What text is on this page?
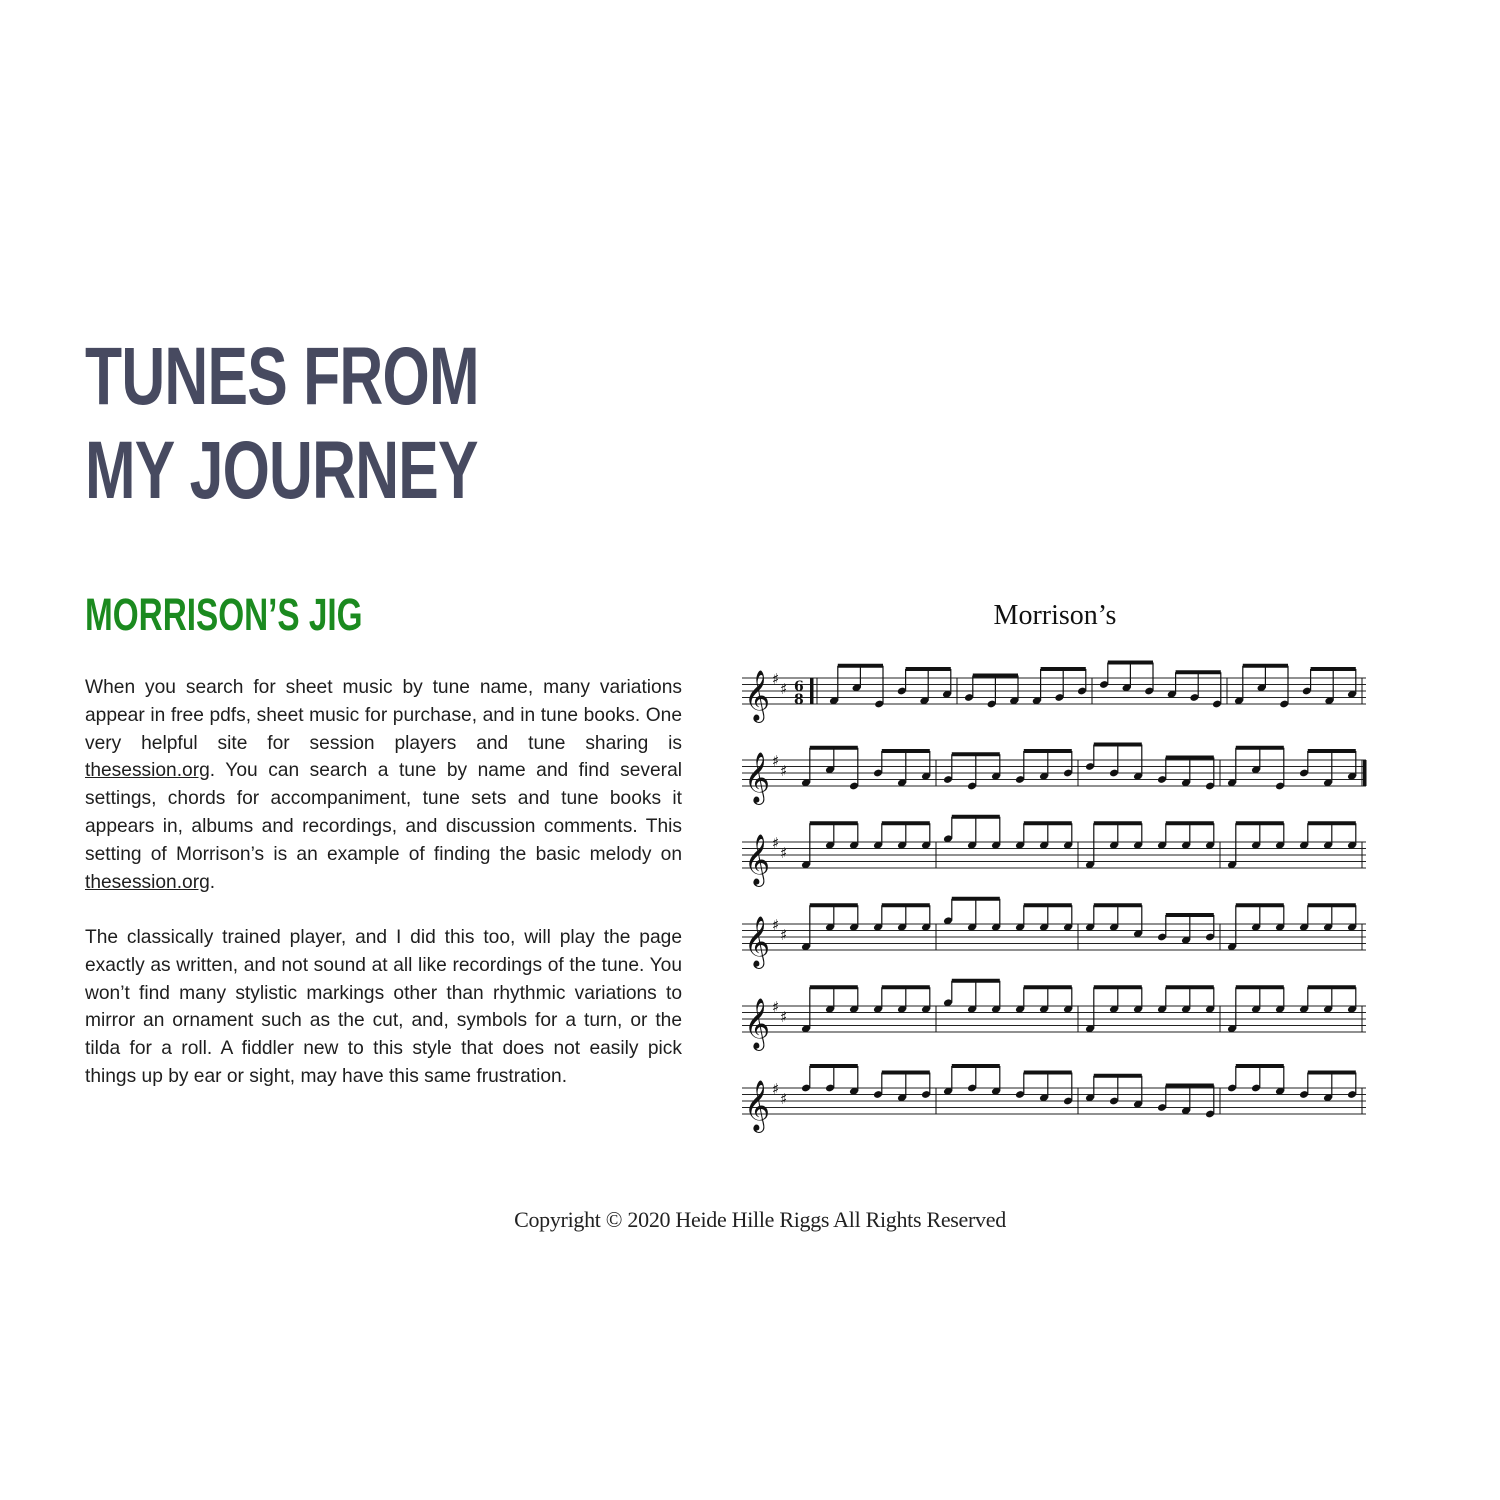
TUNES FROM MY JOURNEY
MORRISON’S JIG

When you search for sheet music by tune name, many variations appear in free pdfs, sheet music for purchase, and in tune books. One very helpful site for session players and tune sharing is thesession.org. You can search a tune by name and find several settings, chords for accompaniment, tune sets and tune books it appears in, albums and recordings, and discussion comments. This setting of Morrison’s is an example of finding the basic melody on thesession.org.

The classically trained player, and I did this too, will play the page exactly as written, and not sound at all like recordings of the tune. You won’t find many stylistic markings other than rhythmic variations to mirror an ornament such as the cut, and, symbols for a turn, or the tilda for a roll. A fiddler new to this style that does not easily pick things up by ear or sight, may have this same frustration.

Morrison’s
𝄞 ♯
♯ 6
8
𝄞 ♯
♯
𝄞 ♯
♯
𝄞 ♯
♯
𝄞 ♯
♯
𝄞 ♯
♯

Copyright © 2020 Heide Hille Riggs All Rights Reserved
